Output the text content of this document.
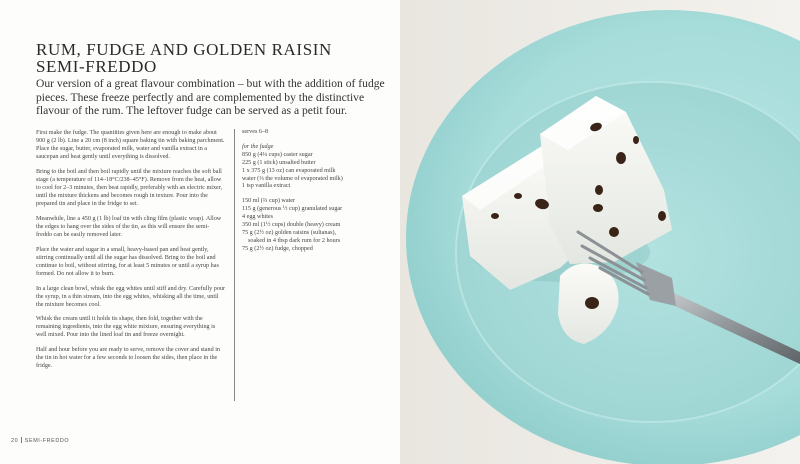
RUM, FUDGE AND GOLDEN RAISIN
SEMI-FREDDO

Our version of a great flavour combination – but with the addition of fudge pieces. These freeze perfectly and are complemented by the distinctive flavour of the rum. The leftover fudge can be served as a petit four.

First make the fudge. The quantities given here are enough to make about 900 g (2 lb). Line a 20 cm (8 inch) square baking tin with baking parchment. Place the sugar, butter, evaporated milk, water and vanilla extract in a saucepan and heat gently until everything is dissolved.

Bring to the boil and then boil rapidly until the mixture reaches the soft ball stage (a temperature of 114–18°C/238–45°F). Remove from the heat, allow to cool for 2–3 minutes, then beat rapidly, preferably with an electric mixer, until the mixture thickens and becomes rough in texture. Pour into the prepared tin and place in the fridge to set.

Meanwhile, line a 450 g (1 lb) loaf tin with cling film (plastic wrap). Allow the edges to hang over the sides of the tin, as this will ensure the semi-freddo can be easily removed later.

Place the water and sugar in a small, heavy-based pan and heat gently, stirring continually until all the sugar has dissolved. Bring to the boil and continue to boil, without stirring, for at least 5 minutes or until a syrup has formed. Do not allow it to burn.

In a large clean bowl, whisk the egg whites until stiff and dry. Carefully pour the syrup, in a thin stream, into the egg whites, whisking all the time, until the mixture becomes cool.

Whisk the cream until it holds its shape, then fold, together with the remaining ingredients, into the egg white mixture, ensuring everything is well mixed. Pour into the lined loaf tin and freeze overnight.

Half and hour before you are ready to serve, remove the cover and stand in the tin in hot water for a few seconds to loosen the sides, then place in the fridge.

serves 6–8
for the fudge
850 g (4¼ cups) caster sugar
225 g (1 stick) unsalted butter
1 x 375 g (13 oz) can evaporated milk
water (⅓ the volume of evaporated milk)
1 tsp vanilla extract
150 ml (⅔ cup) water
115 g (generous ½ cup) granulated sugar
4 egg whites
350 ml (1½ cups) double (heavy) cream
75 g (2½ oz) golden raisins (sultanas),
soaked in 4 tbsp dark rum for 2 hours
75 g (2½ oz) fudge, chopped
20 SEMI-FREDDO
